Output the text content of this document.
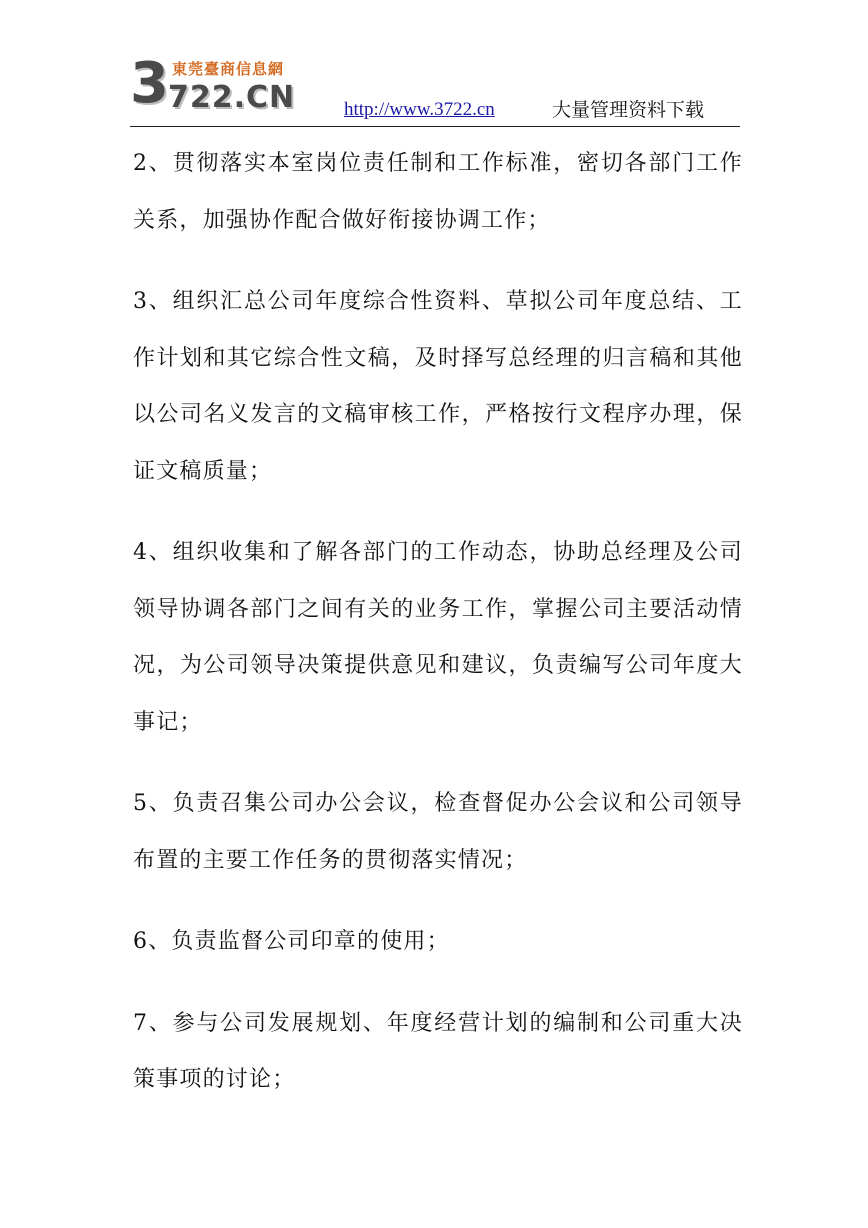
3 722.CN
東莞臺商信息網
http://www.3722.cn	大量管理资料下载

2、贯彻落实本室岗位责任制和工作标准，密切各部门工作关系，加强协作配合做好衔接协调工作；

3、组织汇总公司年度综合性资料、草拟公司年度总结、工作计划和其它综合性文稿，及时择写总经理的归言稿和其他以公司名义发言的文稿审核工作，严格按行文程序办理，保证文稿质量；

4、组织收集和了解各部门的工作动态，协助总经理及公司领导协调各部门之间有关的业务工作，掌握公司主要活动情况，为公司领导决策提供意见和建议，负责编写公司年度大事记；

5、负责召集公司办公会议，检查督促办公会议和公司领导布置的主要工作任务的贯彻落实情况；

6、负责监督公司印章的使用；

7、参与公司发展规划、年度经营计划的编制和公司重大决策事项的讨论；
